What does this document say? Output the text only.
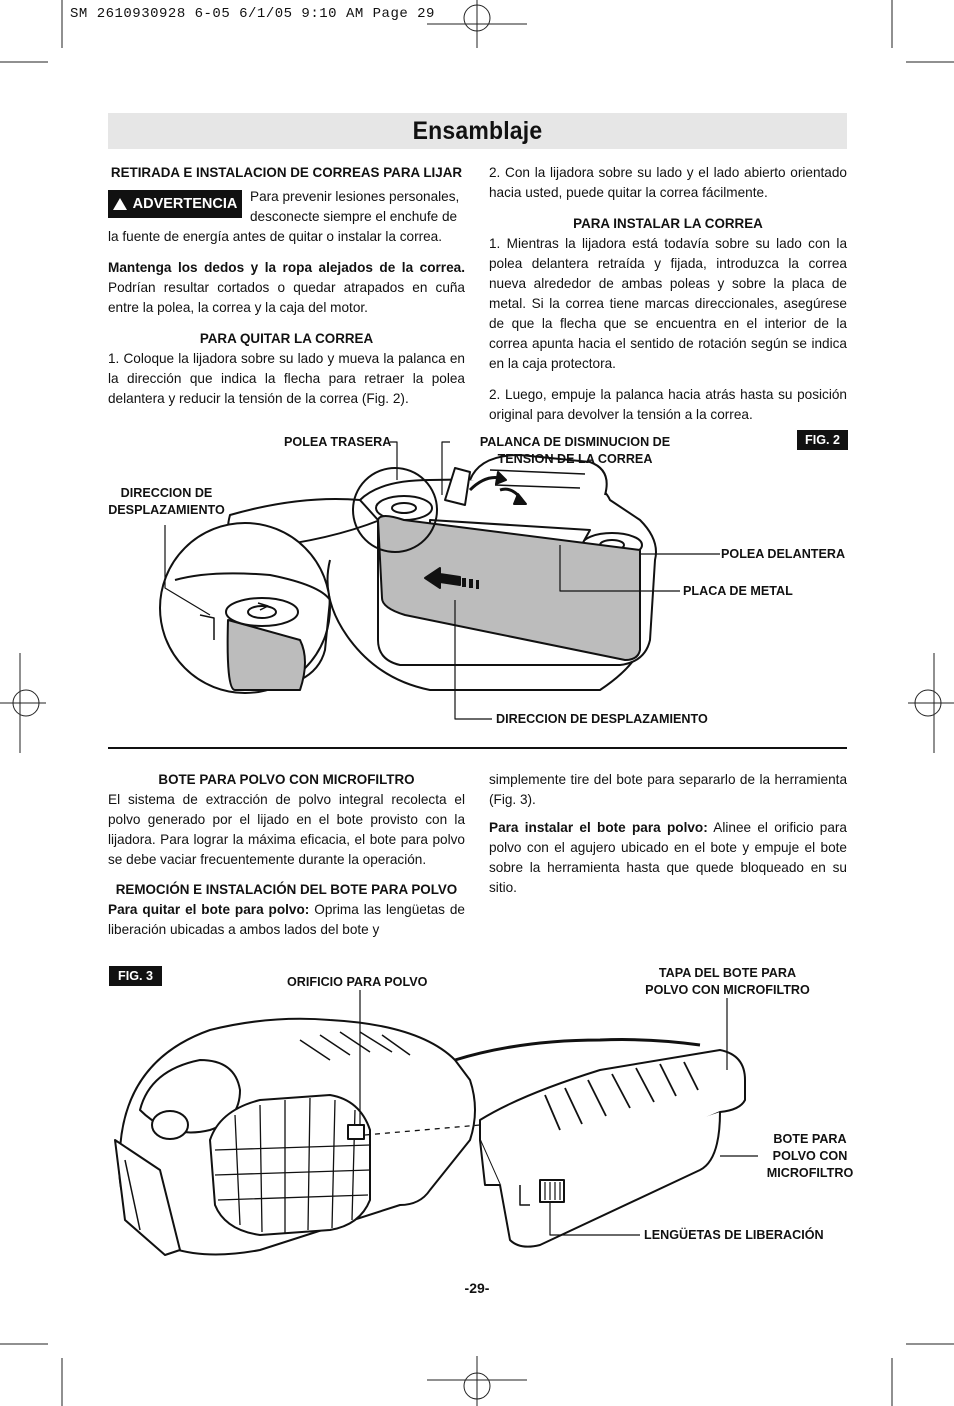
SM 2610930928 6-05 6/1/05 9:10 AM Page 29
Ensamblaje
RETIRADA E INSTALACION DE CORREAS PARA LIJAR
Para prevenir lesiones personales,
desconecte siempre el enchufe de

la fuente de energía antes de quitar o instalar la correa.

Mantenga los dedos y la ropa alejados de la correa. Podrían resultar cortados o quedar atrapados en cuña entre la polea, la correa y la caja del motor.

PARA QUITAR LA CORREA

1. Coloque la lijadora sobre su lado y mueva la palanca en la dirección que indica la flecha para retraer la polea delantera y reducir la tensión de la correa (Fig. 2).

ADVERTENCIA

2. Con la lijadora sobre su lado y el lado abierto orientado hacia usted, puede quitar la correa fácilmente.

PARA INSTALAR LA CORREA

1. Mientras la lijadora está todavía sobre su lado con la polea delantera retraída y fijada, introduzca la correa nueva alrededor de ambas poleas y sobre la placa de metal. Si la correa tiene marcas direccionales, asegúrese de que la flecha que se encuentra en el interior de la correa apunta hacia el sentido de rotación según se indica en la caja protectora.

2. Luego, empuje la palanca hacia atrás hasta su posición original para devolver la tensión a la correa.

FIG. 2
POLEA TRASERA	PALANCA DE DISMINUCION DE
TENSION DE LA CORREA
DIRECCION DE
DESPLAZAMIENTO
POLEA DELANTERA
PLACA DE METAL
DIRECCION DE DESPLAZAMIENTO
BOTE PARA POLVO CON MICROFILTRO

El sistema de extracción de polvo integral recolecta el polvo generado por el lijado en el bote provisto con la lijadora. Para lograr la máxima eficacia, el bote para polvo se debe vaciar frecuentemente durante la operación.

REMOCIÓN E INSTALACIÓN DEL BOTE PARA POLVO

Para quitar el bote para polvo: Oprima las lengüetas de liberación ubicadas a ambos lados del bote y

simplemente tire del bote para separarlo de la herramienta (Fig. 3).

Para instalar el bote para polvo: Alinee el orificio para polvo con el agujero ubicado en el bote y empuje el bote sobre la herramienta hasta que quede bloqueado en su sitio.

FIG. 3	ORIFICIO PARA POLVO
TAPA DEL BOTE PARA
POLVO CON MICROFILTRO
BOTE PARA
POLVO CON
MICROFILTRO
LENGÜETAS DE LIBERACIÓN
-29-
